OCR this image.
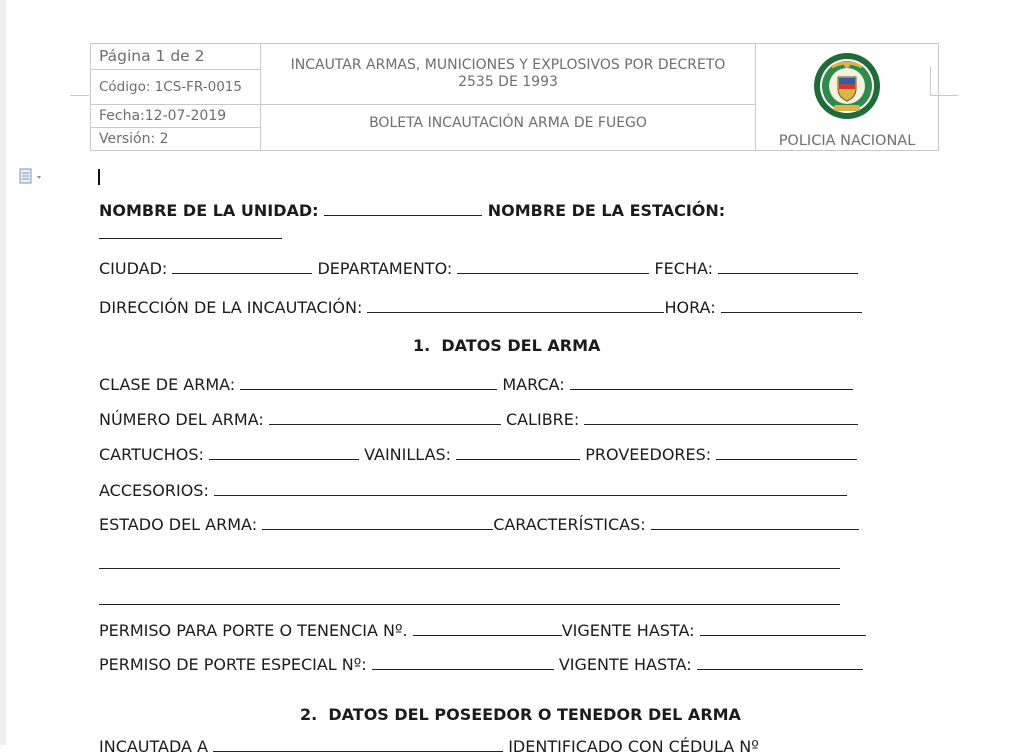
Página 1 de 2	INCAUTAR ARMAS, MUNICIONES Y EXPLOSIVOS POR DECRETO 2535 DE 1993	POLICIA NACIONAL
Código: 1CS-FR-0015		
Fecha:12-07-2019	BOLETA INCAUTACIÓN ARMA DE FUEGO	
Versión: 2		
NOMBRE DE LA UNIDAD:	NOMBRE DE LA ESTACIÓN:
CIUDAD:	DEPARTAMENTO:	FECHA:
DIRECCIÓN DE LA INCAUTACIÓN:	HORA:
1.  DATOS DEL ARMA
CLASE DE ARMA:	MARCA:
NÚMERO DEL ARMA:	CALIBRE:
CARTUCHOS:	VAINILLAS:	PROVEEDORES:
ACCESORIOS:
ESTADO DEL ARMA:	CARACTERÍSTICAS:
PERMISO PARA PORTE O TENENCIA Nº.	VIGENTE HASTA:
PERMISO DE PORTE ESPECIAL Nº:	VIGENTE HASTA:
2.  DATOS DEL POSEEDOR O TENEDOR DEL ARMA
INCAUTADA A	IDENTIFICADO CON CÉDULA Nº
